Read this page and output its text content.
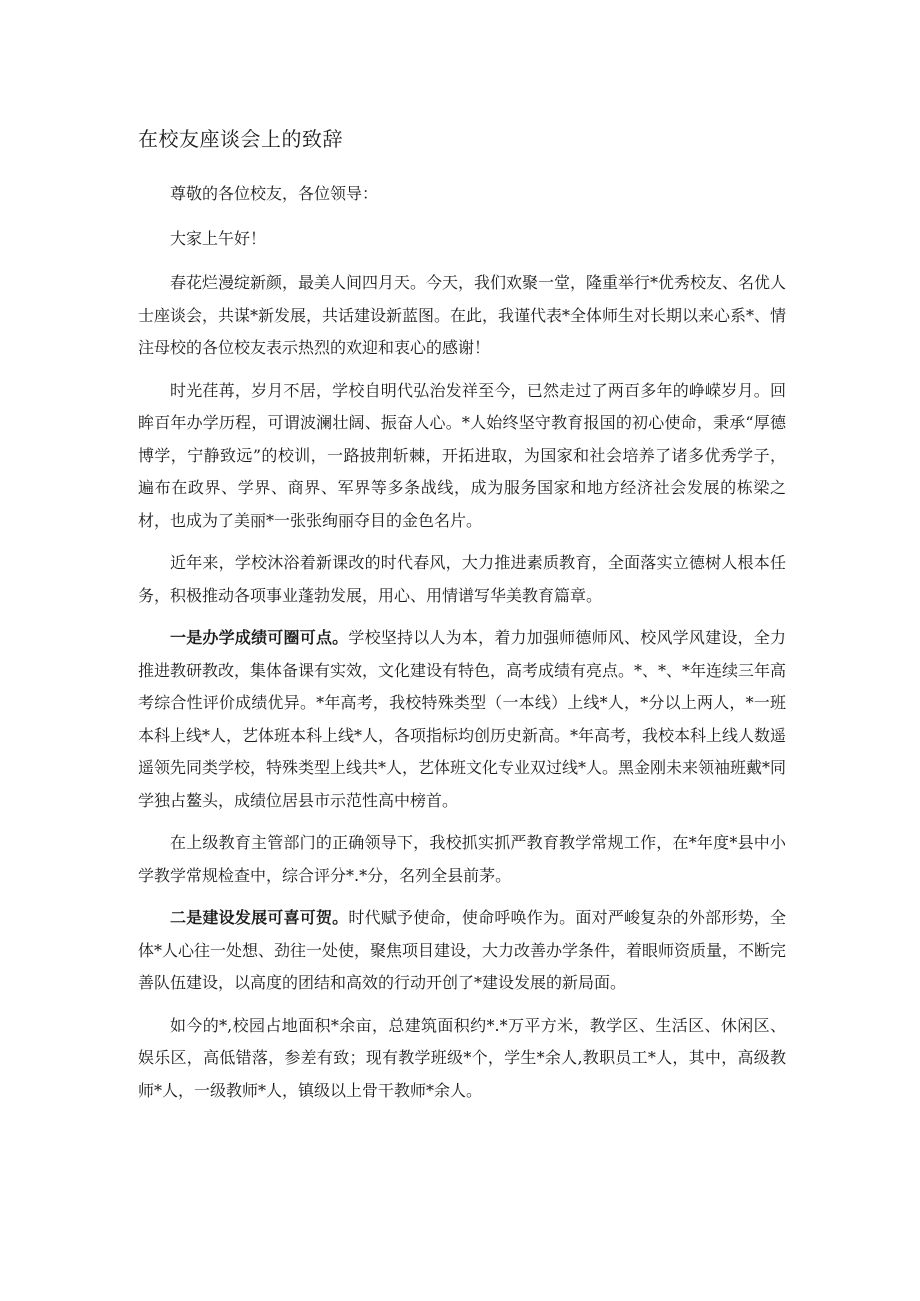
在校友座谈会上的致辞

尊敬的各位校友，各位领导：

大家上午好！

春花烂漫绽新颜，最美人间四月天。今天，我们欢聚一堂，隆重举行*优秀校友、名优人士座谈会，共谋*新发展，共话建设新蓝图。在此，我谨代表*全体师生对长期以来心系*、情注母校的各位校友表示热烈的欢迎和衷心的感谢！

时光荏苒，岁月不居，学校自明代弘治发祥至今，已然走过了两百多年的峥嵘岁月。回眸百年办学历程，可谓波澜壮阔、振奋人心。*人始终坚守教育报国的初心使命，秉承“厚德博学，宁静致远”的校训，一路披荆斩棘，开拓进取，为国家和社会培养了诸多优秀学子，遍布在政界、学界、商界、军界等多条战线，成为服务国家和地方经济社会发展的栋梁之材，也成为了美丽*一张张绚丽夺目的金色名片。

近年来，学校沐浴着新课改的时代春风，大力推进素质教育，全面落实立德树人根本任务，积极推动各项事业蓬勃发展，用心、用情谱写华美教育篇章。

一是办学成绩可圈可点。学校坚持以人为本，着力加强师德师风、校风学风建设，全力推进教研教改，集体备课有实效，文化建设有特色，高考成绩有亮点。*、*、*年连续三年高考综合性评价成绩优异。*年高考，我校特殊类型（一本线）上线*人，*分以上两人，*一班本科上线*人，艺体班本科上线*人，各项指标均创历史新高。*年高考，我校本科上线人数遥遥领先同类学校，特殊类型上线共*人，艺体班文化专业双过线*人。黑金刚未来领袖班戴*同学独占鳌头，成绩位居县市示范性高中榜首。

在上级教育主管部门的正确领导下，我校抓实抓严教育教学常规工作，在*年度*县中小学教学常规检查中，综合评分*.*分，名列全县前茅。

二是建设发展可喜可贺。时代赋予使命，使命呼唤作为。面对严峻复杂的外部形势，全体*人心往一处想、劲往一处使，聚焦项目建设，大力改善办学条件，着眼师资质量，不断完善队伍建设，以高度的团结和高效的行动开创了*建设发展的新局面。

如今的*,校园占地面积*余亩，总建筑面积约*.*万平方米，教学区、生活区、休闲区、娱乐区，高低错落，参差有致；现有教学班级*个，学生*余人,教职员工*人，其中，高级教师*人，一级教师*人，镇级以上骨干教师*余人。
